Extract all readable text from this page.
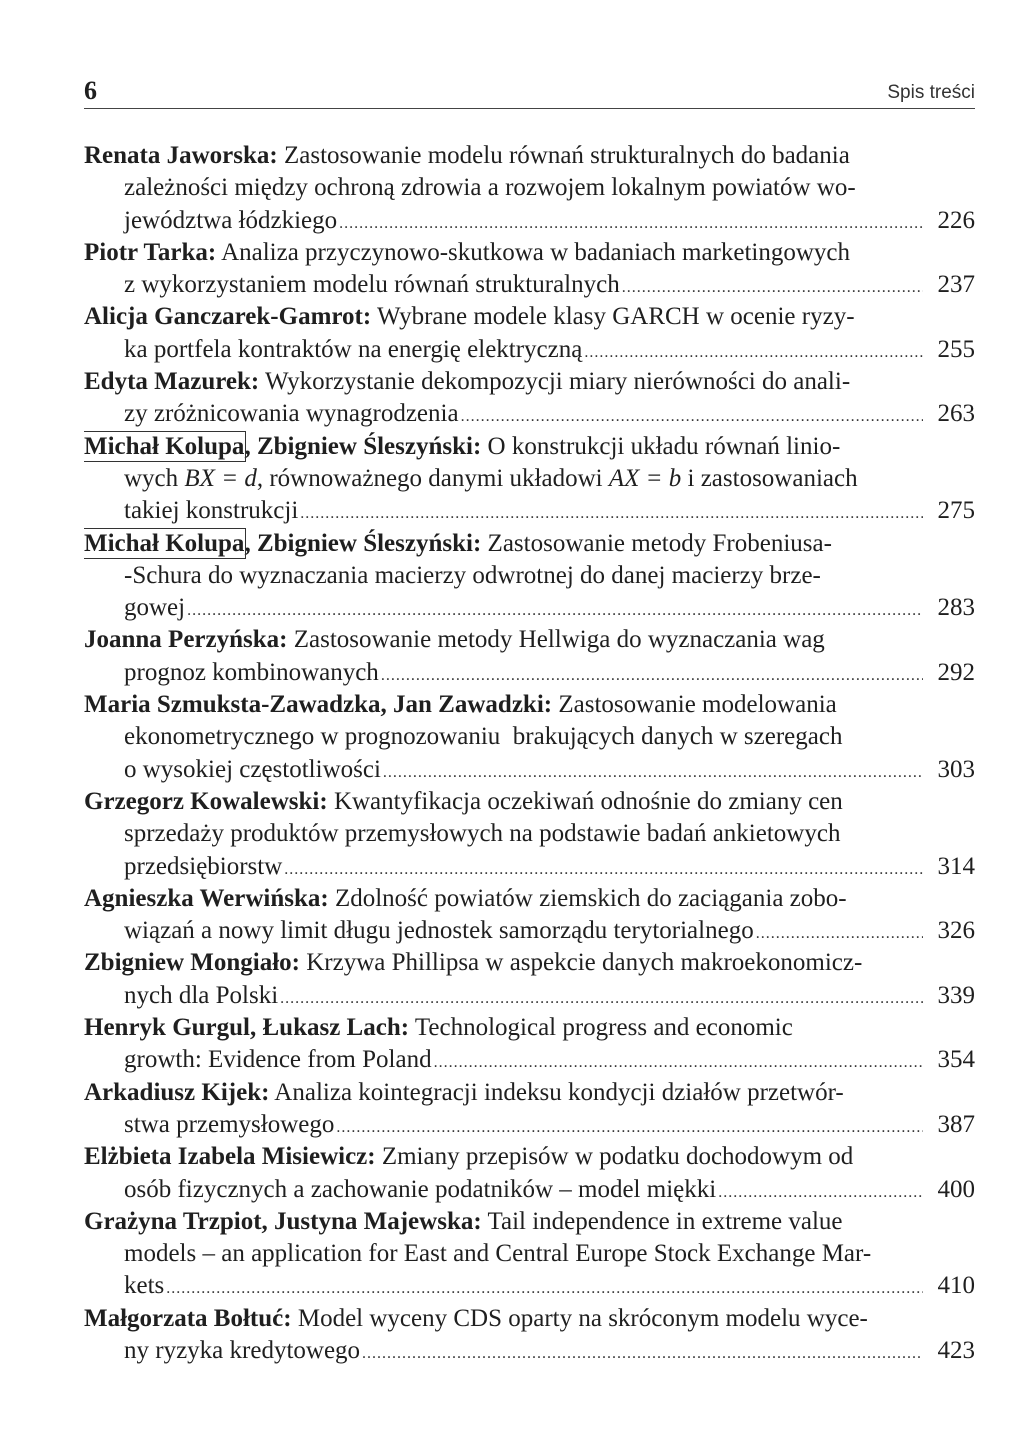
6	Spis treści
Renata Jaworska: Zastosowanie modelu równań strukturalnych do badania
zależności między ochroną zdrowia a rozwojem lokalnym powiatów wo-
jewództwa łódzkiego .....	226
Piotr Tarka: Analiza przyczynowo-skutkowa w badaniach marketingowych
z wykorzystaniem modelu równań strukturalnych .....	237
Alicja Ganczarek-Gamrot: Wybrane modele klasy GARCH w ocenie ryzy-
ka portfela kontraktów na energię elektryczną .....	255
Edyta Mazurek: Wykorzystanie dekompozycji miary nierówności do anali-
zy zróżnicowania wynagrodzenia .....	263
Michał Kolupa, Zbigniew Śleszyński: O konstrukcji układu równań linio-
wych BX = d, równoważnego danymi układowi AX = b i zastosowaniach
takiej konstrukcji .....	275
Michał Kolupa, Zbigniew Śleszyński: Zastosowanie metody Frobeniusa-
-Schura do wyznaczania macierzy odwrotnej do danej macierzy brze-
gowej .....	283
Joanna Perzyńska: Zastosowanie metody Hellwiga do wyznaczania wag
prognoz kombinowanych .....	292
Maria Szmuksta-Zawadzka, Jan Zawadzki: Zastosowanie modelowania
ekonometrycznego w prognozowaniu  brakujących danych w szeregach
o wysokiej częstotliwości .....	303
Grzegorz Kowalewski: Kwantyfikacja oczekiwań odnośnie do zmiany cen
sprzedaży produktów przemysłowych na podstawie badań ankietowych
przedsiębiorstw .....	314
Agnieszka Werwińska: Zdolność powiatów ziemskich do zaciągania zobo-
wiązań a nowy limit długu jednostek samorządu terytorialnego .....	326
Zbigniew Mongiało: Krzywa Phillipsa w aspekcie danych makroekonomicz-
nych dla Polski .....	339
Henryk Gurgul, Łukasz Lach: Technological progress and economic
growth: Evidence from Poland .....	354
Arkadiusz Kijek: Analiza kointegracji indeksu kondycji działów przetwór-
stwa przemysłowego .....	387
Elżbieta Izabela Misiewicz: Zmiany przepisów w podatku dochodowym od
osób fizycznych a zachowanie podatników – model miękki .....	400
Grażyna Trzpiot, Justyna Majewska: Tail independence in extreme value
models – an application for East and Central Europe Stock Exchange Mar-
kets .....	410
Małgorzata Bołtuć: Model wyceny CDS oparty na skróconym modelu wyce-
ny ryzyka kredytowego .....	423
